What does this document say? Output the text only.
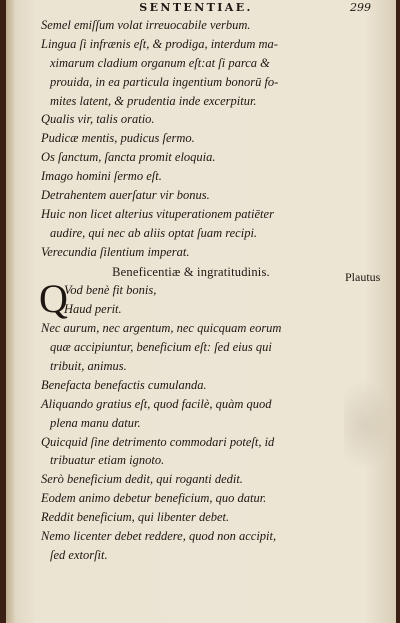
SENTENTIAE.	299
Semel emiſſum volat irreuocabile verbum.
Lingua ſi infrænis eſt, & prodiga, interdum ma-
ximarum cladium organum eſt:at ſi parca &
prouida, in ea particula ingentium bonorū fo-
mites latent, & prudentia inde excerpitur.
Qualis vir, talis oratio.
Pudicæ mentis, pudicus ſermo.
Os ſanctum, ſancta promit eloquia.
Imago homini ſermo eſt.
Detrahentem auerſatur vir bonus.
Huic non licet alterius vituperationem patiēter
audire, qui nec ab aliis optat ſuam recipi.
Verecundia ſilentium imperat.
Beneficentiæ & ingratitudinis.
Q
Vod benè fit bonis,
Haud perit.
Nec aurum, nec argentum, nec quicquam eorum
quæ accipiuntur, beneficium eſt: ſed eius qui
tribuit, animus.
Benefacta benefactis cumulanda.
Aliquando gratius eſt, quod facilè, quàm quod
plena manu datur.
Quicquid ſine detrimento commodari poteſt, id
tribuatur etiam ignoto.
Serò beneficium dedit, qui roganti dedit.
Eodem animo debetur beneficium, quo datur.
Reddit beneficium, qui libenter debet.
Nemo licenter debet reddere, quod non accipit,
ſed extorſit.
Plautus
